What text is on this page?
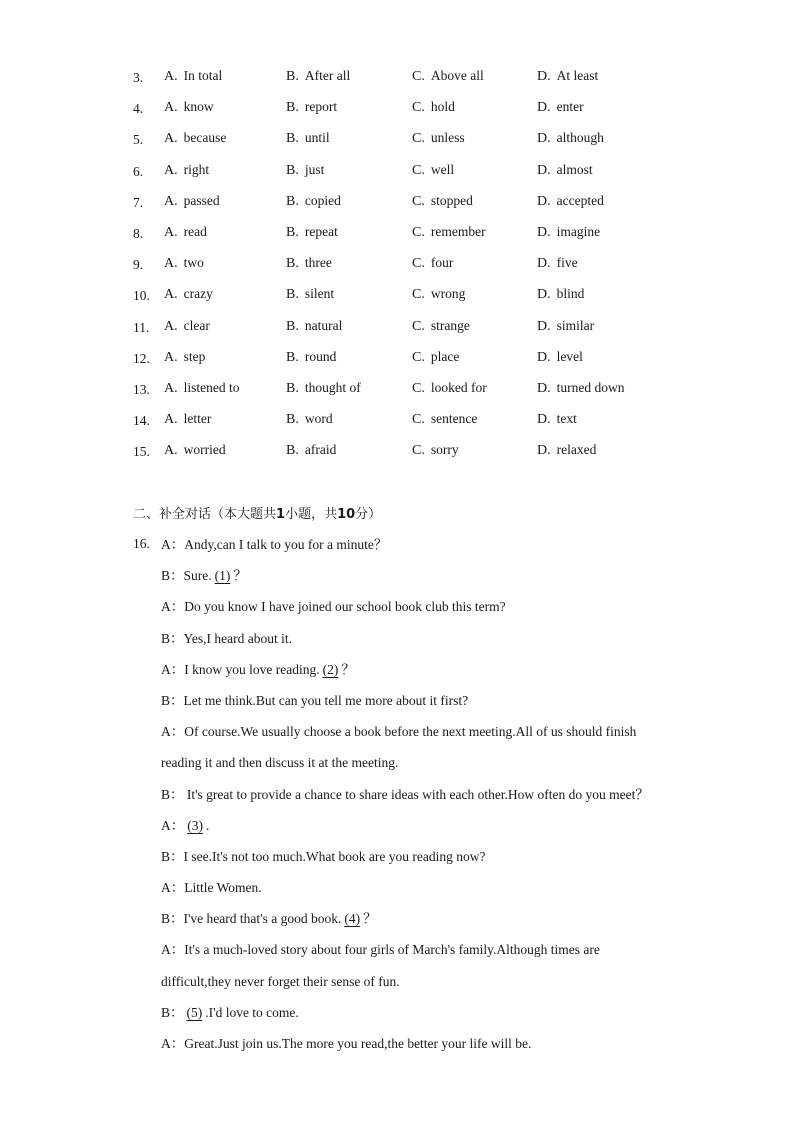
3.	A. In total	B. After all	C. Above all	D. At least
4.	A. know	B. report	C. hold	D. enter
5.	A. because	B. until	C. unless	D. although
6.	A. right	B. just	C. well	D. almost
7.	A. passed	B. copied	C. stopped	D. accepted
8.	A. read	B. repeat	C. remember	D. imagine
9.	A. two	B. three	C. four	D. five
10.	A. crazy	B. silent	C. wrong	D. blind
11.	A. clear	B. natural	C. strange	D. similar
12.	A. step	B. round	C. place	D. level
13.	A. listened to	B. thought of	C. looked for	D. turned down
14.	A. letter	B. word	C. sentence	D. text
15.	A. worried	B. afraid	C. sorry	D. relaxed
二、补全对话（本大题共1小题，共10分）
16. A：Andy,can I talk to you for a minute？
B：Sure. (1) ？
A：Do you know I have joined our school book club this term?
B：Yes,I heard about it.
A：I know you love reading. (2) ？
B：Let me think.But can you tell me more about it first?
A：Of course.We usually choose a book before the next meeting.All of us should finish
reading it and then discuss it at the meeting.
B： It's great to provide a chance to share ideas with each other.How often do you meet？
A： (3) .
B：I see.It's not too much.What book are you reading now?
A：Little Women.
B：I've heard that's a good book. (4) ？
A：It's a much-loved story about four girls of March's family.Although times are
difficult,they never forget their sense of fun.
B： (5) .I'd love to come.
A：Great.Just join us.The more you read,the better your life will be.
